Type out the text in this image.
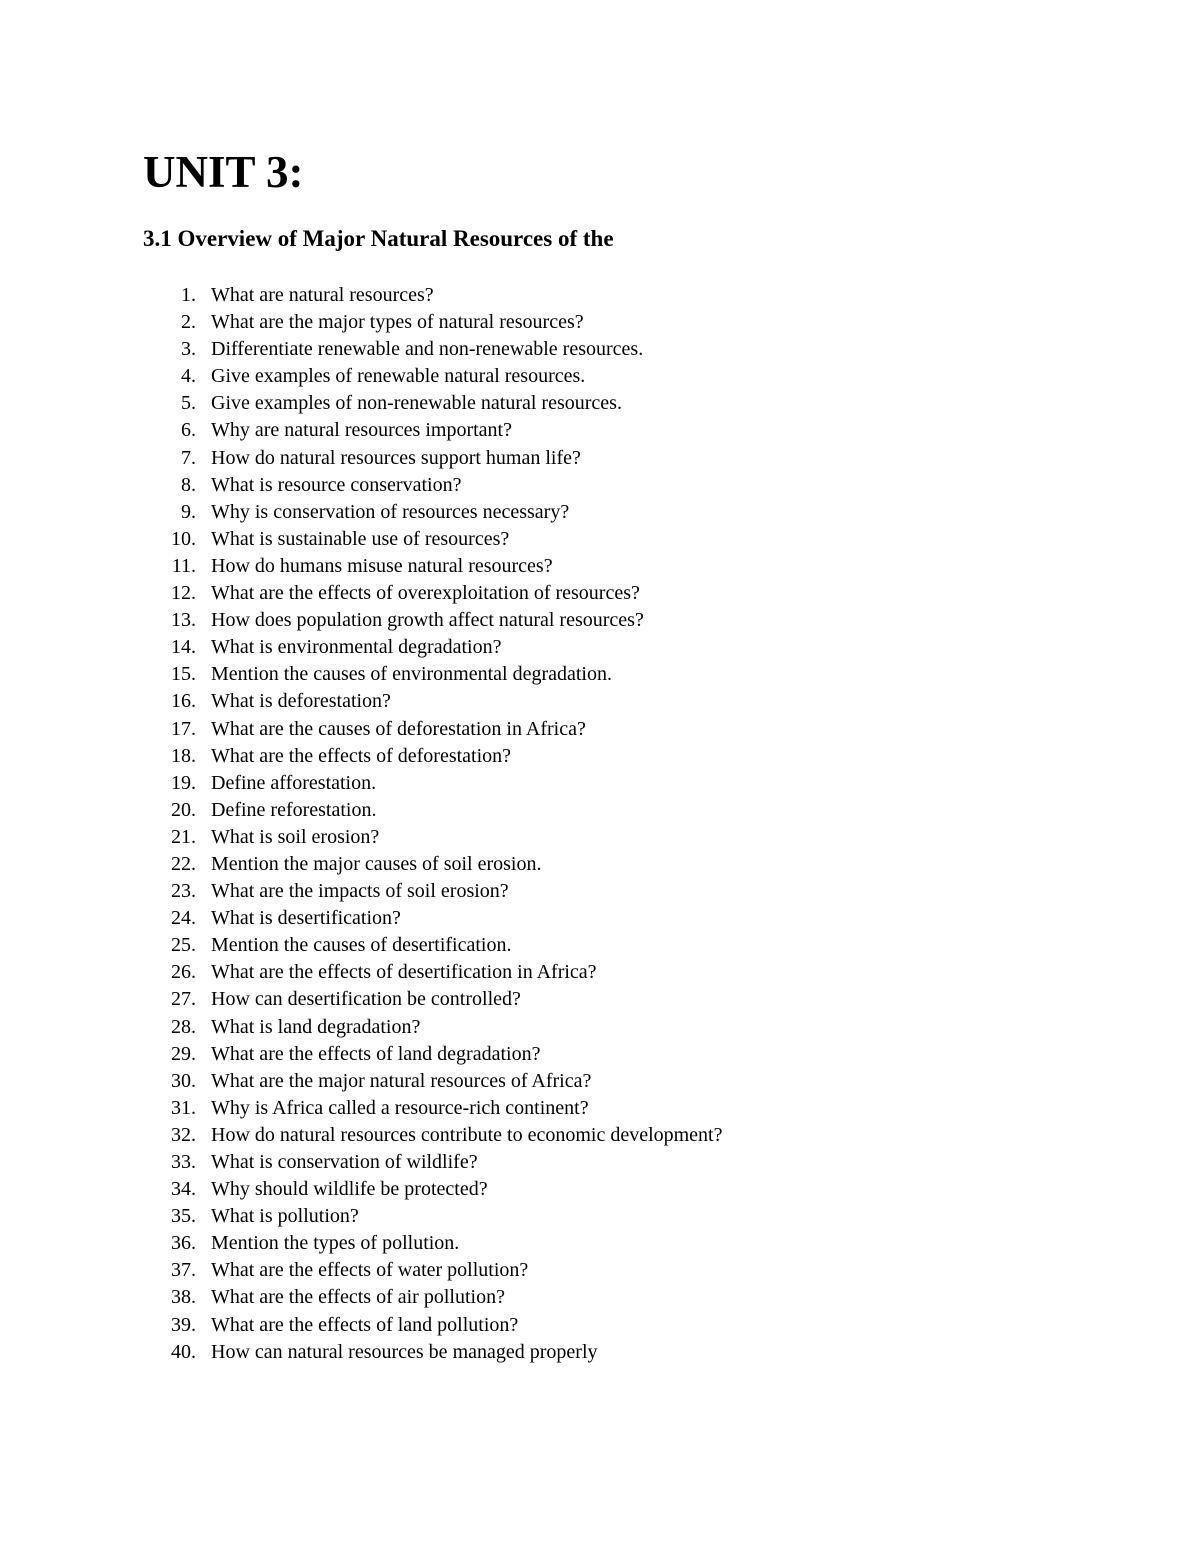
UNIT 3:
3.1 Overview of Major Natural Resources of the
1. What are natural resources?
2. What are the major types of natural resources?
3. Differentiate renewable and non-renewable resources.
4. Give examples of renewable natural resources.
5. Give examples of non-renewable natural resources.
6. Why are natural resources important?
7. How do natural resources support human life?
8. What is resource conservation?
9. Why is conservation of resources necessary?
10. What is sustainable use of resources?
11. How do humans misuse natural resources?
12. What are the effects of overexploitation of resources?
13. How does population growth affect natural resources?
14. What is environmental degradation?
15. Mention the causes of environmental degradation.
16. What is deforestation?
17. What are the causes of deforestation in Africa?
18. What are the effects of deforestation?
19. Define afforestation.
20. Define reforestation.
21. What is soil erosion?
22. Mention the major causes of soil erosion.
23. What are the impacts of soil erosion?
24. What is desertification?
25. Mention the causes of desertification.
26. What are the effects of desertification in Africa?
27. How can desertification be controlled?
28. What is land degradation?
29. What are the effects of land degradation?
30. What are the major natural resources of Africa?
31. Why is Africa called a resource-rich continent?
32. How do natural resources contribute to economic development?
33. What is conservation of wildlife?
34. Why should wildlife be protected?
35. What is pollution?
36. Mention the types of pollution.
37. What are the effects of water pollution?
38. What are the effects of air pollution?
39. What are the effects of land pollution?
40. How can natural resources be managed properly
